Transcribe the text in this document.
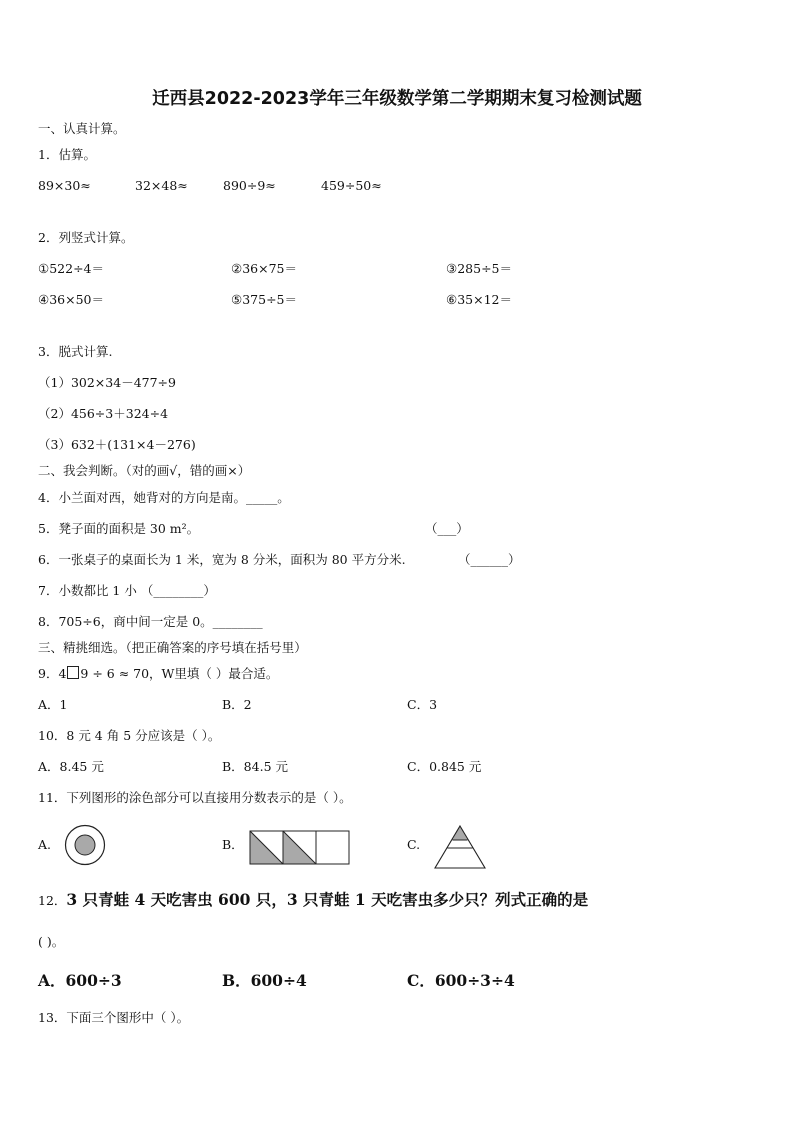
迁西县2022-2023学年三年级数学第二学期期末复习检测试题
一、认真计算。
1．估算。
89×30≈	32×48≈	890÷9≈	459÷50≈
2．列竖式计算。
①522÷4＝	②36×75＝	③285÷5＝
④36×50＝	⑤375÷5＝	⑥35×12＝
3．脱式计算.
（1）302×34－477÷9
（2）456÷3＋324÷4
（3）632＋(131×4－276)
二、我会判断。（对的画√，错的画×）
4．小兰面对西，她背对的方向是南。_____。
5．凳子面的面积是 30 m²。	（___）
6．一张桌子的桌面长为 1 米，宽为 8 分米，面积为 80 平方分米.	（______）
7．小数都比 1 小 （________）
8．705÷6，商中间一定是 0。________
三、精挑细选。（把正确答案的序号填在括号里）
9．4 9 ÷ 6 ≈ 70，W里填（ ）最合适。
A．1	B．2	C．3
10．8 元 4 角 5 分应该是（ ）。
A．8.45 元	B．84.5 元	C．0.845 元
11．下列图形的涂色部分可以直接用分数表示的是（ ）。
A.	B．	C.
12．3 只青蛙 4 天吃害虫 600 只，3 只青蛙 1 天吃害虫多少只？列式正确的是
( )。
A．600÷3	B．600÷4	C．600÷3÷4
13．下面三个图形中（ ）。
